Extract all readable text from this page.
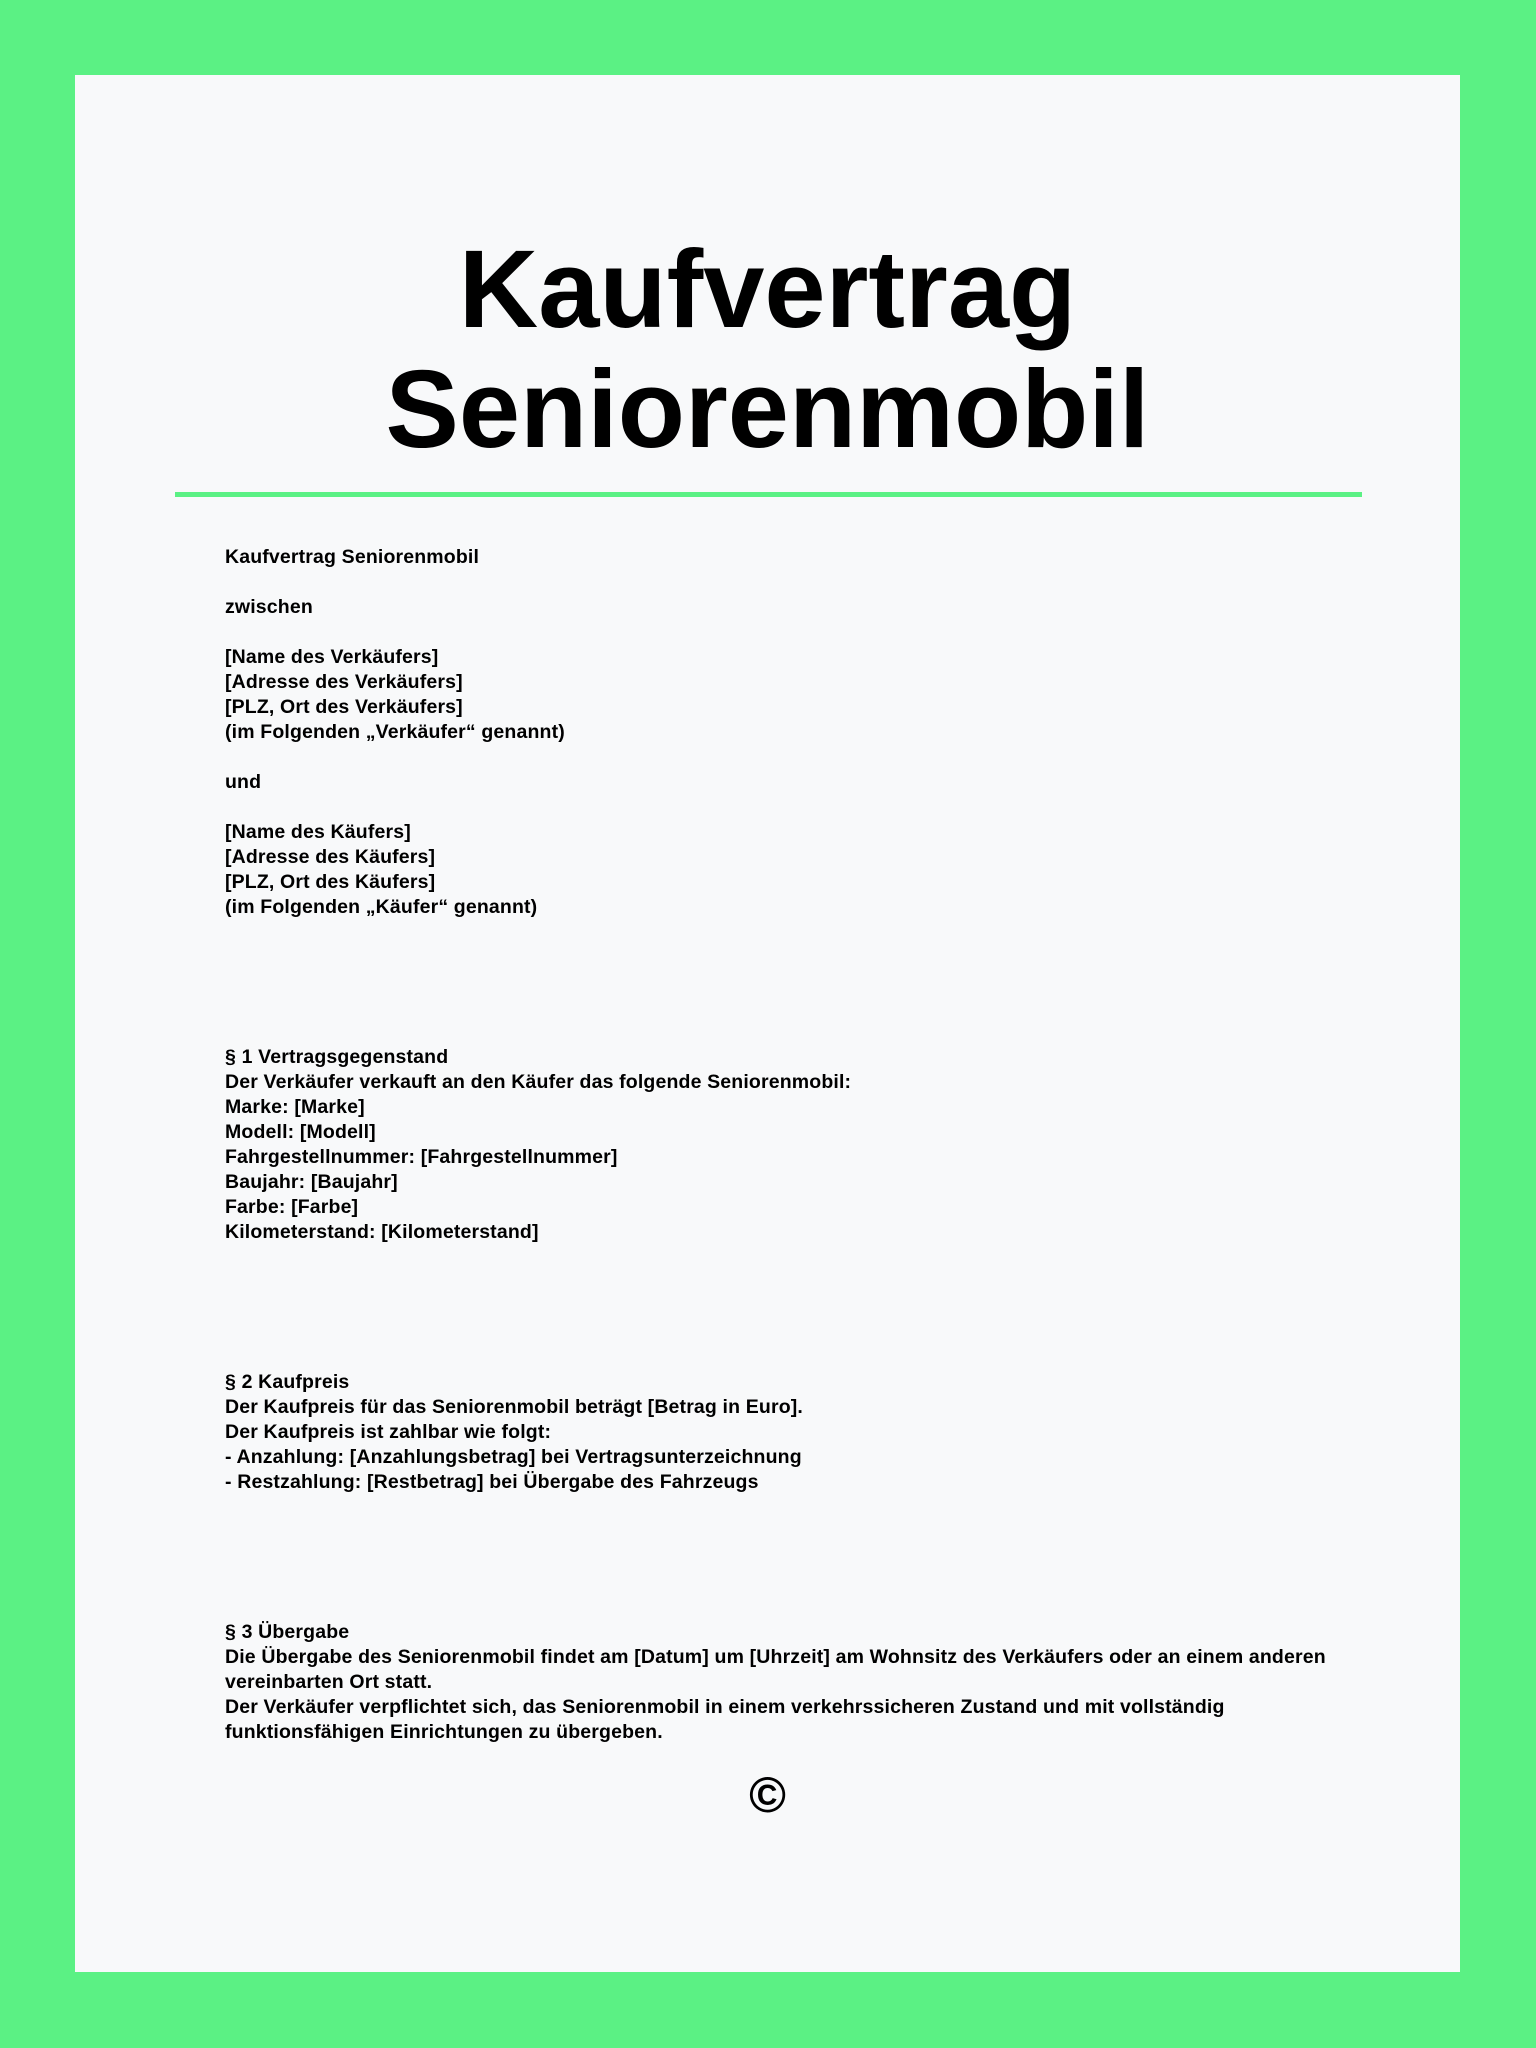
Kaufvertrag
Seniorenmobil
Kaufvertrag Seniorenmobil
zwischen
[Name des Verkäufers]
[Adresse des Verkäufers]
[PLZ, Ort des Verkäufers]
(im Folgenden „Verkäufer“ genannt)
und
[Name des Käufers]
[Adresse des Käufers]
[PLZ, Ort des Käufers]
(im Folgenden „Käufer“ genannt)
§ 1 Vertragsgegenstand
Der Verkäufer verkauft an den Käufer das folgende Seniorenmobil:
Marke: [Marke]
Modell: [Modell]
Fahrgestellnummer: [Fahrgestellnummer]
Baujahr: [Baujahr]
Farbe: [Farbe]
Kilometerstand: [Kilometerstand]
§ 2 Kaufpreis
Der Kaufpreis für das Seniorenmobil beträgt [Betrag in Euro].
Der Kaufpreis ist zahlbar wie folgt:
- Anzahlung: [Anzahlungsbetrag] bei Vertragsunterzeichnung
- Restzahlung: [Restbetrag] bei Übergabe des Fahrzeugs
§ 3 Übergabe
Die Übergabe des Seniorenmobil findet am [Datum] um [Uhrzeit] am Wohnsitz des Verkäufers oder an einem anderen vereinbarten Ort statt.
Der Verkäufer verpflichtet sich, das Seniorenmobil in einem verkehrssicheren Zustand und mit vollständig funktionsfähigen Einrichtungen zu übergeben.
©
